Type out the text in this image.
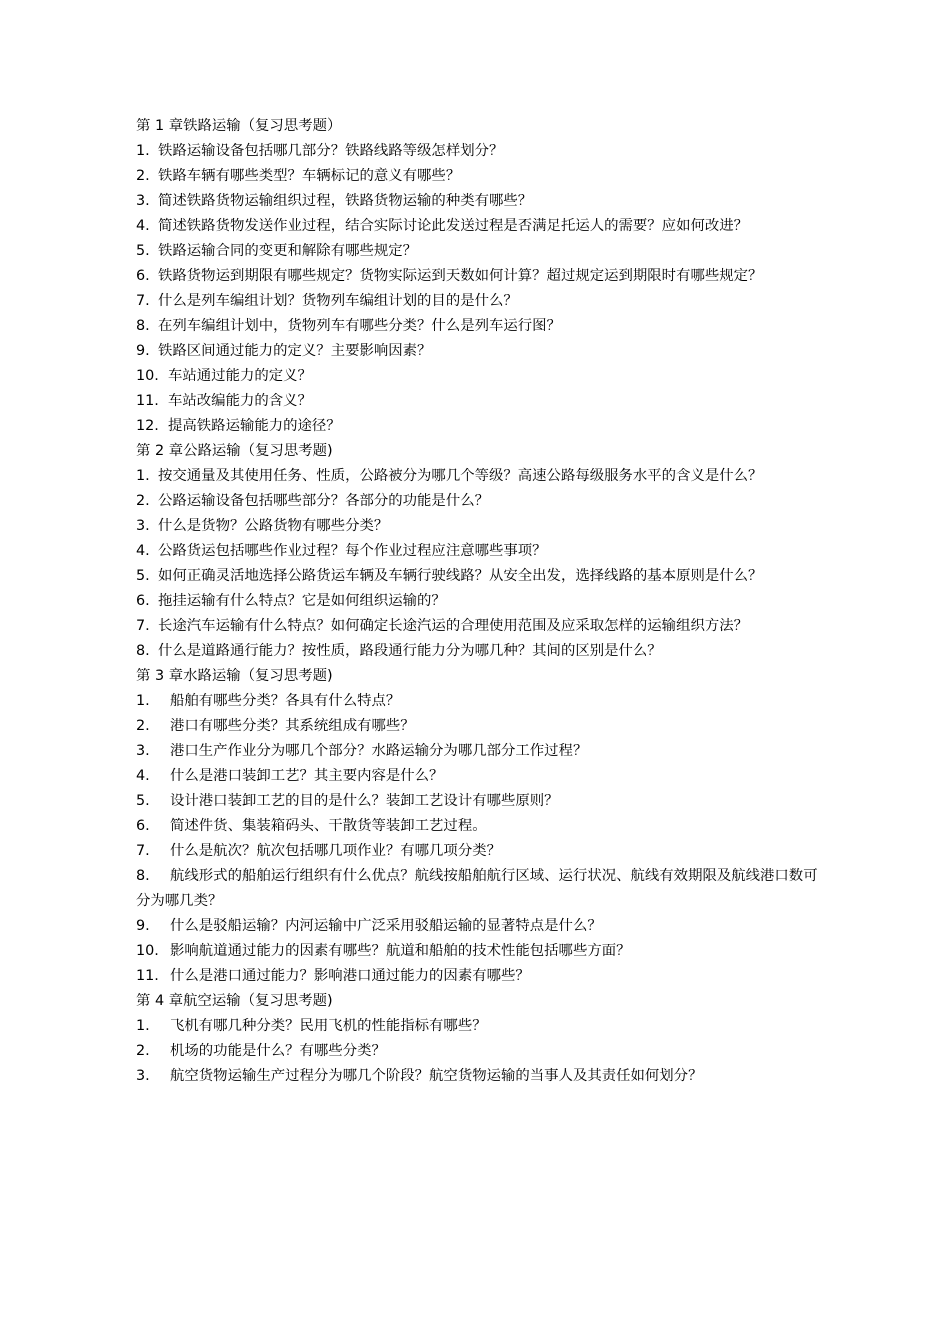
第 1 章铁路运输（复习思考题）
1. 铁路运输设备包括哪几部分？铁路线路等级怎样划分？
2. 铁路车辆有哪些类型？车辆标记的意义有哪些？
3. 简述铁路货物运输组织过程，铁路货物运输的种类有哪些？
4. 简述铁路货物发送作业过程，结合实际讨论此发送过程是否满足托运人的需要？应如何改进？
5. 铁路运输合同的变更和解除有哪些规定？
6. 铁路货物运到期限有哪些规定？货物实际运到天数如何计算？超过规定运到期限时有哪些规定？
7. 什么是列车编组计划？货物列车编组计划的目的是什么？
8. 在列车编组计划中，货物列车有哪些分类？什么是列车运行图？
9. 铁路区间通过能力的定义？主要影响因素？
10. 车站通过能力的定义？
11. 车站改编能力的含义？
12. 提高铁路运输能力的途径？
第 2 章公路运输（复习思考题)
1. 按交通量及其使用任务、性质，公路被分为哪几个等级？高速公路每级服务水平的含义是什么？
2. 公路运输设备包括哪些部分？各部分的功能是什么？
3. 什么是货物？公路货物有哪些分类？
4. 公路货运包括哪些作业过程？每个作业过程应注意哪些事项？
5. 如何正确灵活地选择公路货运车辆及车辆行驶线路？从安全出发，选择线路的基本原则是什么？
6. 拖挂运输有什么特点？它是如何组织运输的？
7. 长途汽车运输有什么特点？如何确定长途汽运的合理使用范围及应采取怎样的运输组织方法？
8. 什么是道路通行能力？按性质，路段通行能力分为哪几种？其间的区别是什么？
第 3 章水路运输（复习思考题)
1. 船舶有哪些分类？各具有什么特点？
2. 港口有哪些分类？其系统组成有哪些？
3. 港口生产作业分为哪几个部分？水路运输分为哪几部分工作过程？
4. 什么是港口装卸工艺？其主要内容是什么？
5. 设计港口装卸工艺的目的是什么？装卸工艺设计有哪些原则？
6. 简述件货、集装箱码头、干散货等装卸工艺过程。
7. 什么是航次？航次包括哪几项作业？有哪几项分类？
8. 航线形式的船舶运行组织有什么优点？航线按船舶航行区域、运行状况、航线有效期限及航线港口数可分为哪几类？
9. 什么是驳船运输？内河运输中广泛采用驳船运输的显著特点是什么？
10. 影响航道通过能力的因素有哪些？航道和船舶的技术性能包括哪些方面？
11. 什么是港口通过能力？影响港口通过能力的因素有哪些？
第 4 章航空运输（复习思考题)
1. 飞机有哪几种分类？民用飞机的性能指标有哪些？
2. 机场的功能是什么？有哪些分类？
3. 航空货物运输生产过程分为哪几个阶段？航空货物运输的当事人及其责任如何划分？
